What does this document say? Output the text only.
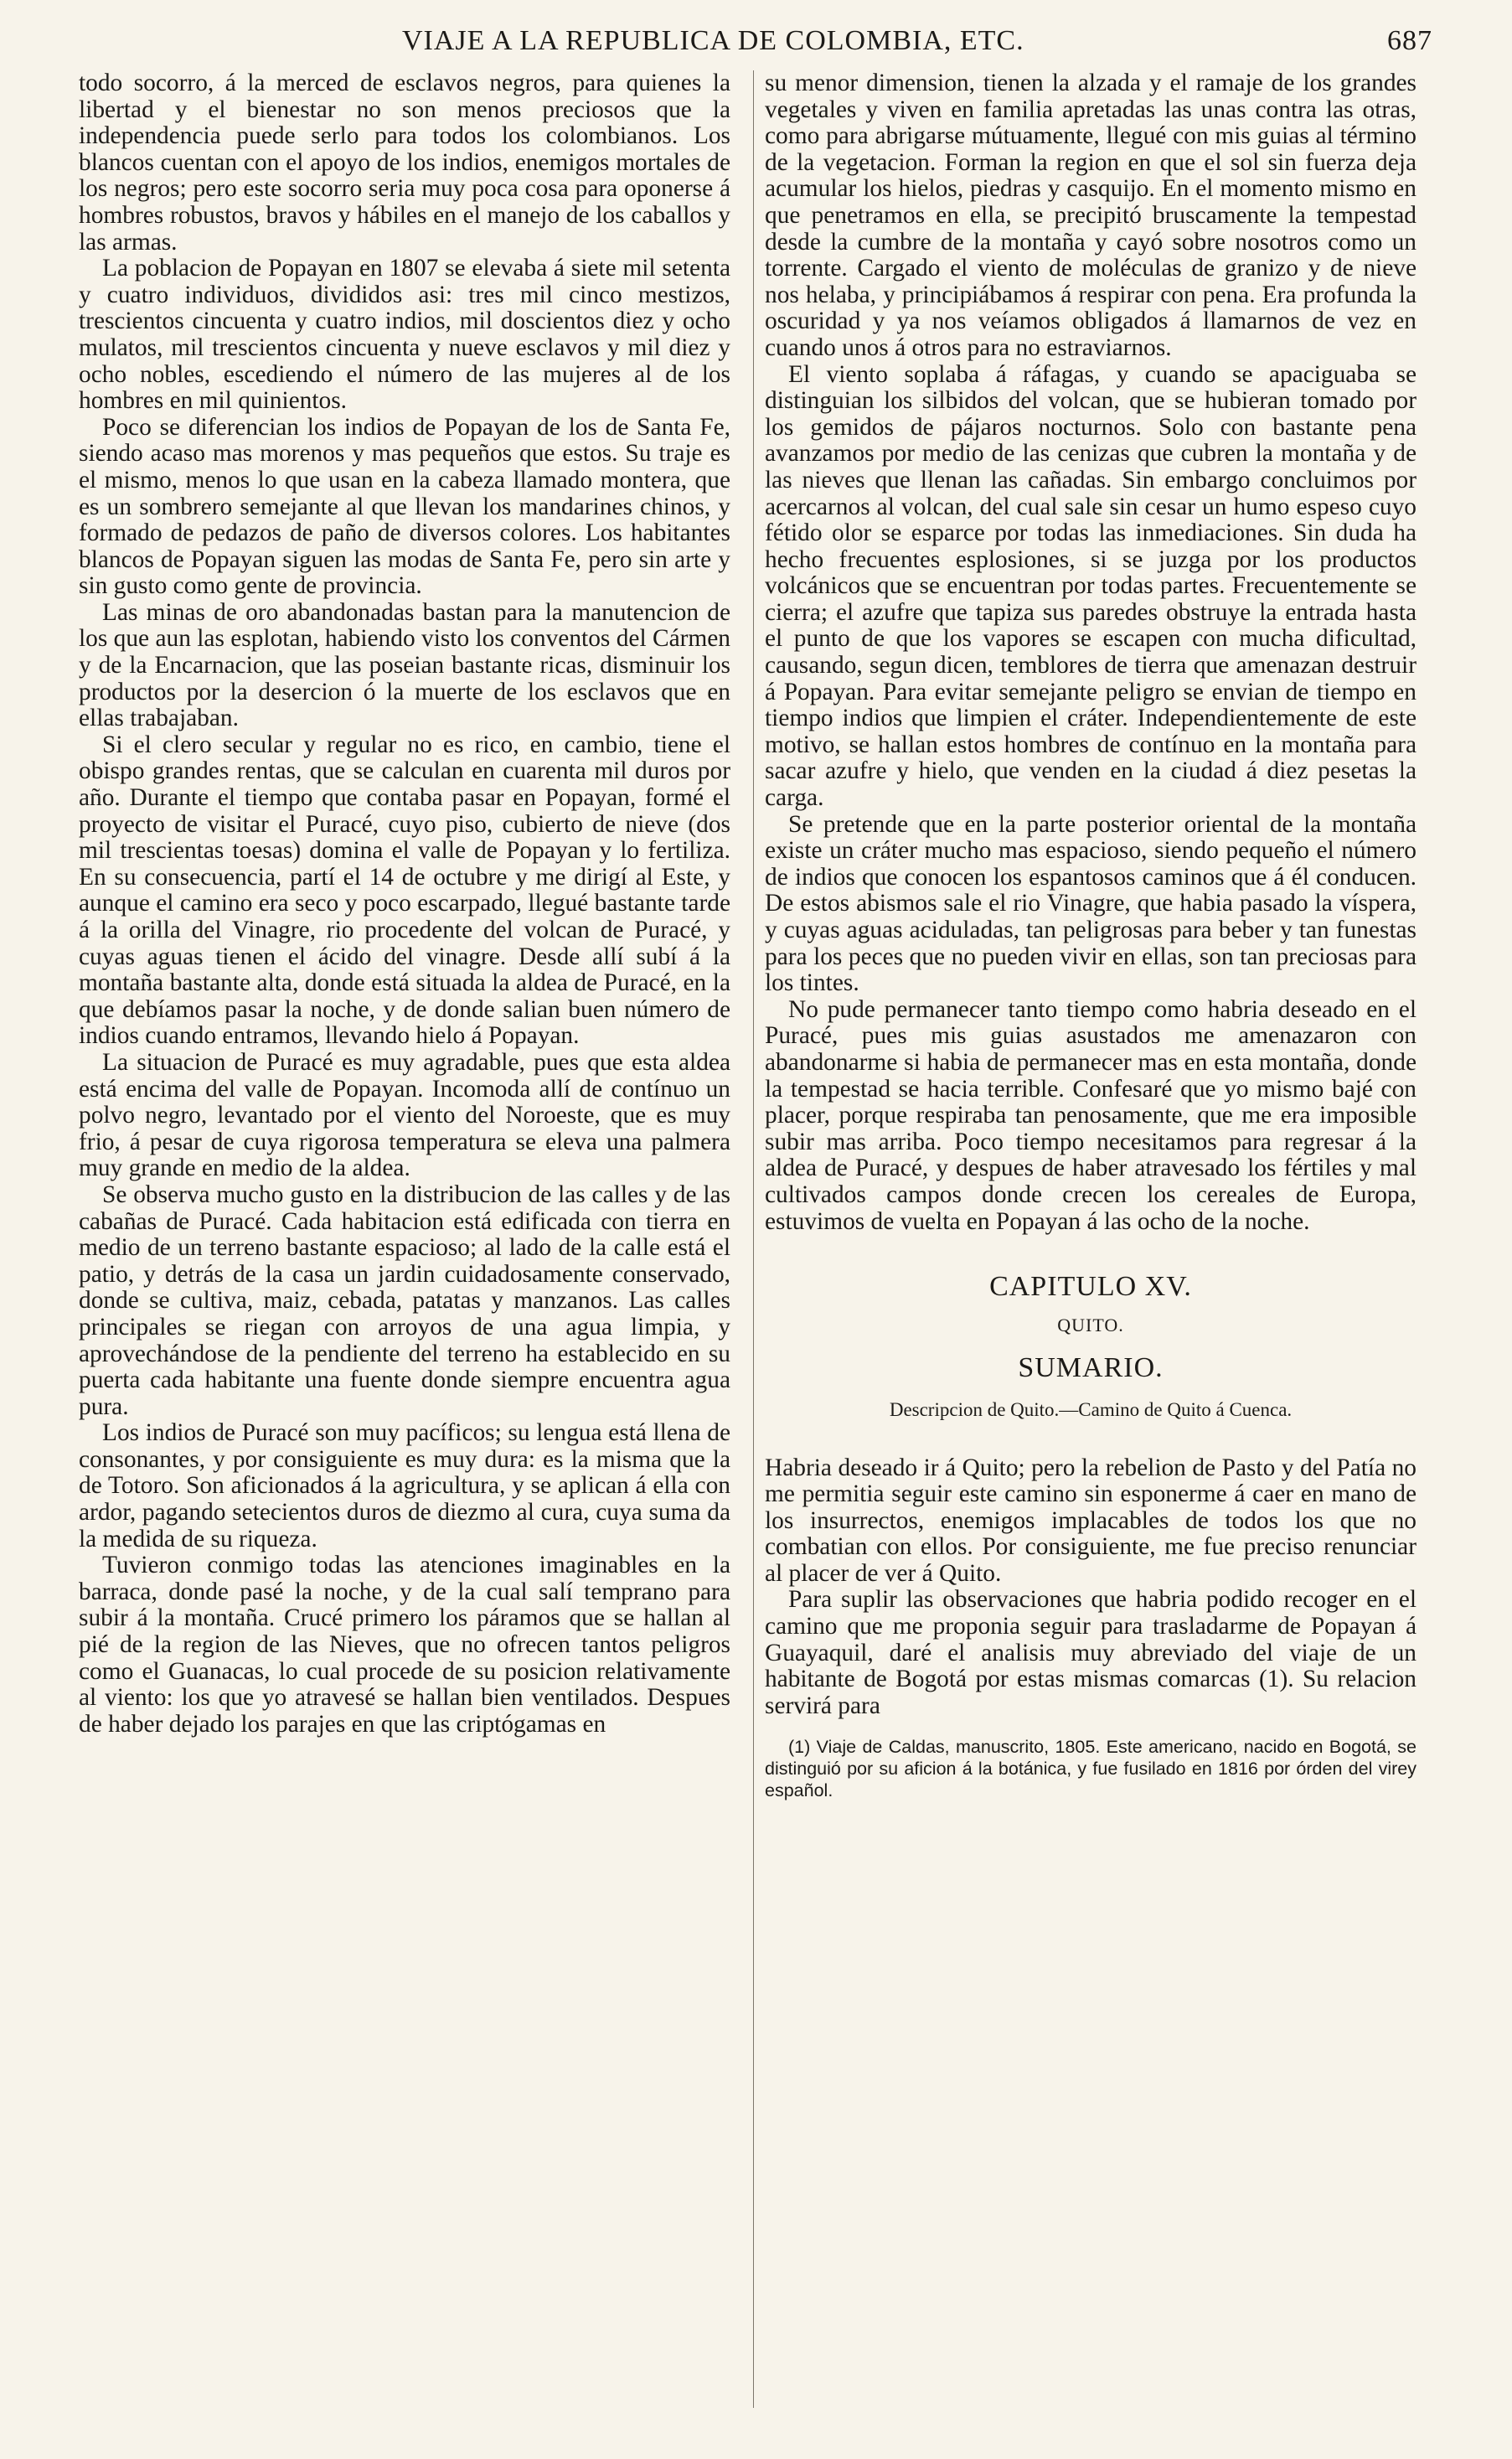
VIAJE A LA REPUBLICA DE COLOMBIA, ETC.	687

todo socorro, á la merced de esclavos negros, para quienes la libertad y el bienestar no son menos preciosos que la independencia puede serlo para todos los colombianos. Los blancos cuentan con el apoyo de los indios, enemigos mortales de los negros; pero este socorro seria muy poca cosa para oponerse á hombres robustos, bravos y hábiles en el manejo de los caballos y las armas.

La poblacion de Popayan en 1807 se elevaba á siete mil setenta y cuatro individuos, divididos asi: tres mil cinco mestizos, trescientos cincuenta y cuatro indios, mil doscientos diez y ocho mulatos, mil trescientos cincuenta y nueve esclavos y mil diez y ocho nobles, escediendo el número de las mujeres al de los hombres en mil quinientos.

Poco se diferencian los indios de Popayan de los de Santa Fe, siendo acaso mas morenos y mas pequeños que estos. Su traje es el mismo, menos lo que usan en la cabeza llamado montera, que es un sombrero semejante al que llevan los mandarines chinos, y formado de pedazos de paño de diversos colores. Los habitantes blancos de Popayan siguen las modas de Santa Fe, pero sin arte y sin gusto como gente de provincia.

Las minas de oro abandonadas bastan para la manutencion de los que aun las esplotan, habiendo visto los conventos del Cármen y de la Encarnacion, que las poseian bastante ricas, disminuir los productos por la desercion ó la muerte de los esclavos que en ellas trabajaban.

Si el clero secular y regular no es rico, en cambio, tiene el obispo grandes rentas, que se calculan en cuarenta mil duros por año. Durante el tiempo que contaba pasar en Popayan, formé el proyecto de visitar el Puracé, cuyo piso, cubierto de nieve (dos mil trescientas toesas) domina el valle de Popayan y lo fertiliza. En su consecuencia, partí el 14 de octubre y me dirigí al Este, y aunque el camino era seco y poco escarpado, llegué bastante tarde á la orilla del Vinagre, rio procedente del volcan de Puracé, y cuyas aguas tienen el ácido del vinagre. Desde allí subí á la montaña bastante alta, donde está situada la aldea de Puracé, en la que debíamos pasar la noche, y de donde salian buen número de indios cuando entramos, llevando hielo á Popayan.

La situacion de Puracé es muy agradable, pues que esta aldea está encima del valle de Popayan. Incomoda allí de contínuo un polvo negro, levantado por el viento del Noroeste, que es muy frio, á pesar de cuya rigorosa temperatura se eleva una palmera muy grande en medio de la aldea.

Se observa mucho gusto en la distribucion de las calles y de las cabañas de Puracé. Cada habitacion está edificada con tierra en medio de un terreno bastante espacioso; al lado de la calle está el patio, y detrás de la casa un jardin cuidadosamente conservado, donde se cultiva, maiz, cebada, patatas y manzanos. Las calles principales se riegan con arroyos de una agua limpia, y aprovechándose de la pendiente del terreno ha establecido en su puerta cada habitante una fuente donde siempre encuentra agua pura.

Los indios de Puracé son muy pacíficos; su lengua está llena de consonantes, y por consiguiente es muy dura: es la misma que la de Totoro. Son aficionados á la agricultura, y se aplican á ella con ardor, pagando setecientos duros de diezmo al cura, cuya suma da la medida de su riqueza.

Tuvieron conmigo todas las atenciones imaginables en la barraca, donde pasé la noche, y de la cual salí temprano para subir á la montaña. Crucé primero los páramos que se hallan al pié de la region de las Nieves, que no ofrecen tantos peligros como el Guanacas, lo cual procede de su posicion relativamente al viento: los que yo atravesé se hallan bien ventilados. Despues de haber dejado los parajes en que las criptógamas en

su menor dimension, tienen la alzada y el ramaje de los grandes vegetales y viven en familia apretadas las unas contra las otras, como para abrigarse mútuamente, llegué con mis guias al término de la vegetacion. Forman la region en que el sol sin fuerza deja acumular los hielos, piedras y casquijo. En el momento mismo en que penetramos en ella, se precipitó bruscamente la tempestad desde la cumbre de la montaña y cayó sobre nosotros como un torrente. Cargado el viento de moléculas de granizo y de nieve nos helaba, y principiábamos á respirar con pena. Era profunda la oscuridad y ya nos veíamos obligados á llamarnos de vez en cuando unos á otros para no estraviarnos.

El viento soplaba á ráfagas, y cuando se apaciguaba se distinguian los silbidos del volcan, que se hubieran tomado por los gemidos de pájaros nocturnos. Solo con bastante pena avanzamos por medio de las cenizas que cubren la montaña y de las nieves que llenan las cañadas. Sin embargo concluimos por acercarnos al volcan, del cual sale sin cesar un humo espeso cuyo fétido olor se esparce por todas las inmediaciones. Sin duda ha hecho frecuentes esplosiones, si se juzga por los productos volcánicos que se encuentran por todas partes. Frecuentemente se cierra; el azufre que tapiza sus paredes obstruye la entrada hasta el punto de que los vapores se escapen con mucha dificultad, causando, segun dicen, temblores de tierra que amenazan destruir á Popayan. Para evitar semejante peligro se envian de tiempo en tiempo indios que limpien el cráter. Independientemente de este motivo, se hallan estos hombres de contínuo en la montaña para sacar azufre y hielo, que venden en la ciudad á diez pesetas la carga.

Se pretende que en la parte posterior oriental de la montaña existe un cráter mucho mas espacioso, siendo pequeño el número de indios que conocen los espantosos caminos que á él conducen. De estos abismos sale el rio Vinagre, que habia pasado la víspera, y cuyas aguas aciduladas, tan peligrosas para beber y tan funestas para los peces que no pueden vivir en ellas, son tan preciosas para los tintes.

No pude permanecer tanto tiempo como habria deseado en el Puracé, pues mis guias asustados me amenazaron con abandonarme si habia de permanecer mas en esta montaña, donde la tempestad se hacia terrible. Confesaré que yo mismo bajé con placer, porque respiraba tan penosamente, que me era imposible subir mas arriba. Poco tiempo necesitamos para regresar á la aldea de Puracé, y despues de haber atravesado los fértiles y mal cultivados campos donde crecen los cereales de Europa, estuvimos de vuelta en Popayan á las ocho de la noche.

CAPITULO XV.
QUITO.
SUMARIO.
Descripcion de Quito.—Camino de Quito á Cuenca.

Habria deseado ir á Quito; pero la rebelion de Pasto y del Patía no me permitia seguir este camino sin esponerme á caer en mano de los insurrectos, enemigos implacables de todos los que no combatian con ellos. Por consiguiente, me fue preciso renunciar al placer de ver á Quito.

Para suplir las observaciones que habria podido recoger en el camino que me proponia seguir para trasladarme de Popayan á Guayaquil, daré el analisis muy abreviado del viaje de un habitante de Bogotá por estas mismas comarcas (1). Su relacion servirá para

(1) Viaje de Caldas, manuscrito, 1805. Este americano, nacido en Bogotá, se distinguió por su aficion á la botánica, y fue fusilado en 1816 por órden del virey español.
